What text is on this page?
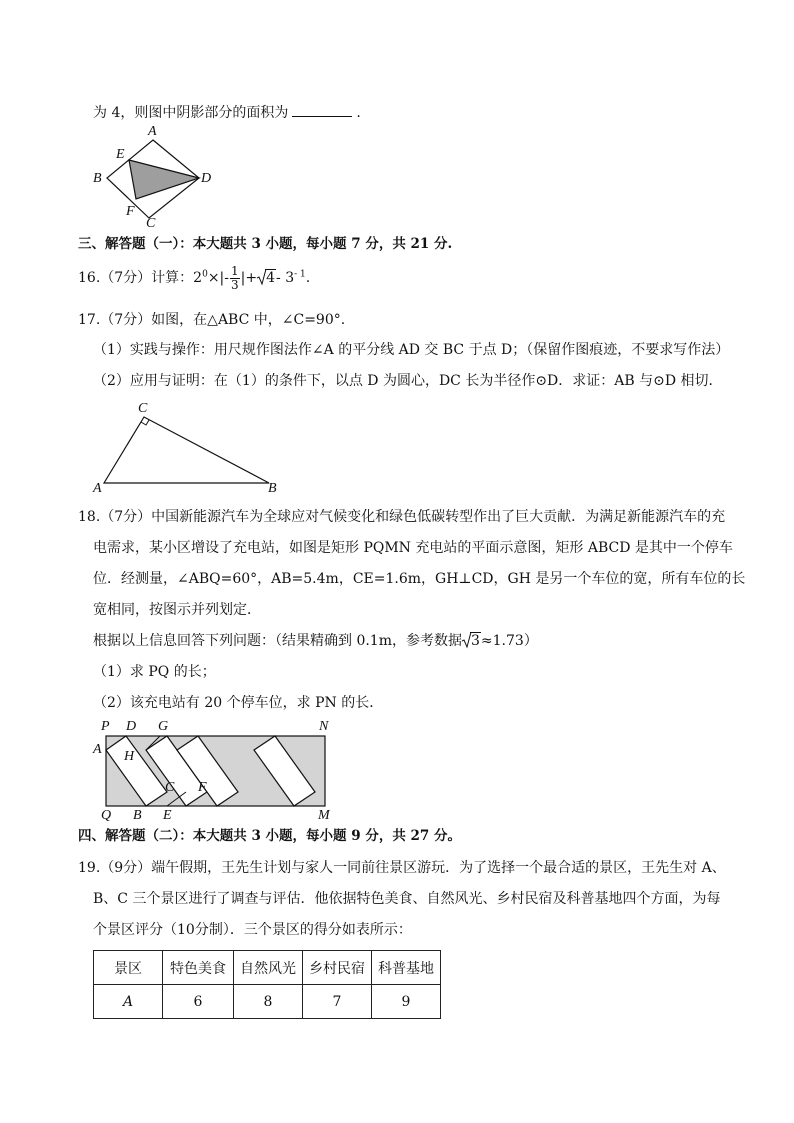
为 4，则图中阴影部分的面积为	.
A
E
B	D
F
C
三、解答题（一）：本大题共 3 小题，每小题 7 分，共 21 分.
16.（7分）计算：$2^0\times|- \frac{1}{3}$ |+ 4- $3^{- 1}$.
17.（7分）如图，在△ABC 中，∠C=90°.
（1）实践与操作：用尺规作图法作∠A 的平分线 AD 交 BC 于点 D；（保留作图痕迹，不要求写作法）
（2）应用与证明：在（1）的条件下，以点 D 为圆心，DC 长为半径作⊙D．求证：AB 与⊙D 相切．
C
A	B
18.（7分）中国新能源汽车为全球应对气候变化和绿色低碳转型作出了巨大贡献．为满足新能源汽车的充
电需求，某小区增设了充电站，如图是矩形 PQMN 充电站的平面示意图，矩形 ABCD 是其中一个停车
位．经测量，∠ABQ=60°，AB=5.4m，CE=1.6m，GH⊥CD，GH 是另一个车位的宽，所有车位的长
宽相同，按图示并列划定．
根据以上信息回答下列问题：（结果精确到 0.1m，参考数据 3≈1.73）
（1）求 PQ 的长；
（2）该充电站有 20 个停车位，求 PN 的长．
P D G	N
A H
C F
Q B E	M
四、解答题（二）：本大题共 3 小题，每小题 9 分，共 27 分。
19.（9分）端午假期，王先生计划与家人一同前往景区游玩．为了选择一个最合适的景区，王先生对 A、
B、C 三个景区进行了调查与评估．他依据特色美食、自然风光、乡村民宿及科普基地四个方面，为每
个景区评分（10分制）．三个景区的得分如表所示：
景区	特色美食	自然风光	乡村民宿	科普基地
A	6	8	7	9
